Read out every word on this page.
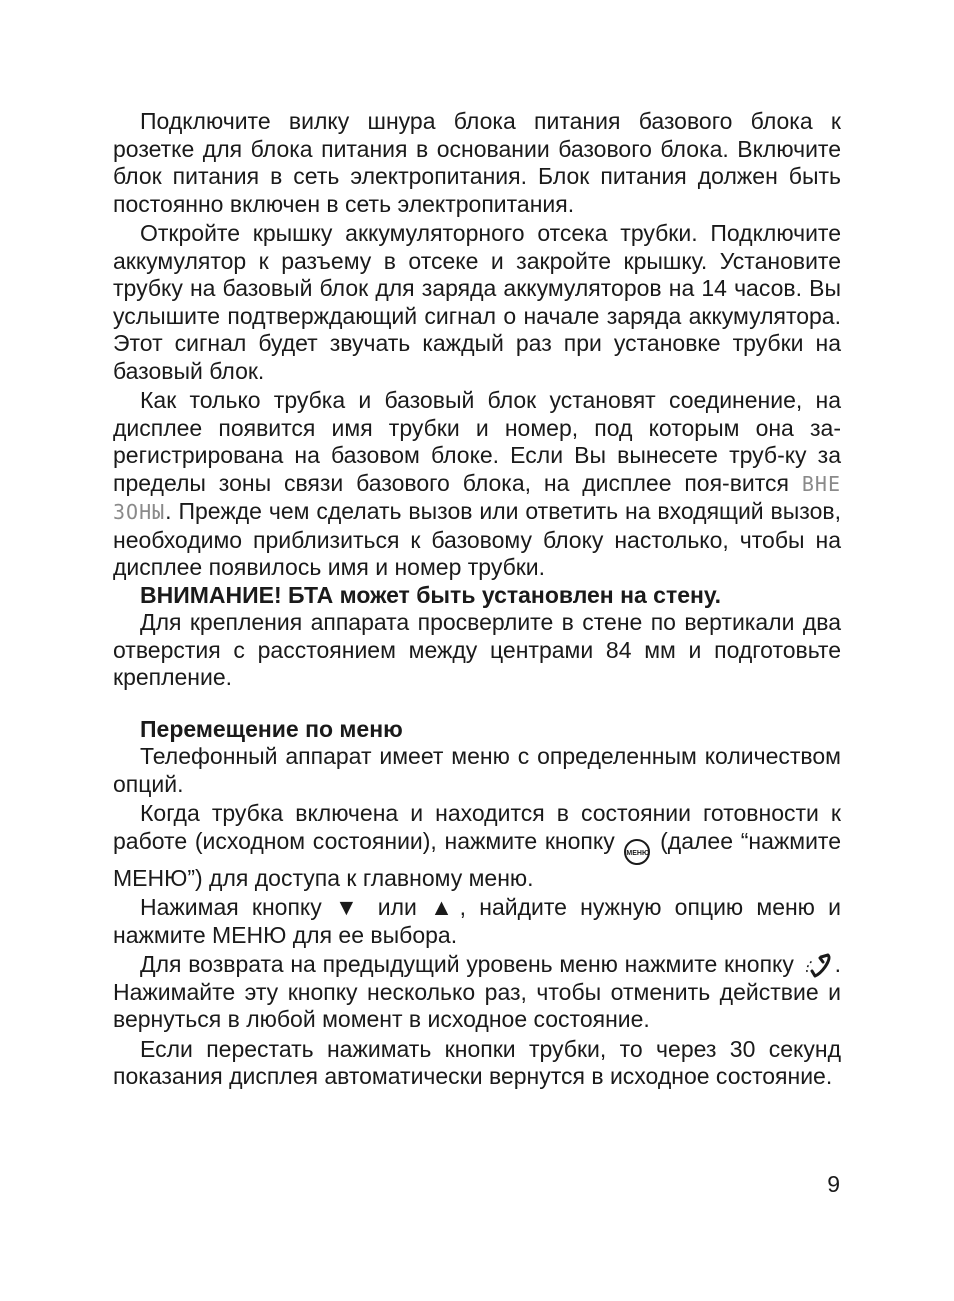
Подключите вилку шнура блока питания базового блока к розетке для блока питания в основании базового блока. Включите блок питания в сеть электропитания. Блок питания должен быть постоянно включен в сеть электропитания.

Откройте крышку аккумуляторного отсека трубки. Подключите аккумулятор к разъему в отсеке и закройте крышку. Установите трубку на базовый блок для заряда аккумуляторов на 14 часов. Вы услышите подтверждающий сигнал о начале заряда аккумулятора. Этот сигнал будет звучать каждый раз при установке трубки на базовый блок.

Как только трубка и базовый блок установят соединение, на дисплее появится имя трубки и номер, под которым она за-регистрирована на базовом блоке. Если Вы вынесете труб-ку за пределы зоны связи базового блока, на дисплее поя-вится ВНЕ ЗОНЫ. Прежде чем сделать вызов или ответить на входящий вызов, необходимо приблизиться к базовому блоку настолько, чтобы на дисплее появилось имя и номер трубки.

ВНИМАНИЕ! БТА может быть установлен на стену.

Для крепления аппарата просверлите в стене по вертикали два отверстия с расстоянием между центрами 84 мм и подготовьте крепление.

Перемещение по меню

Телефонный аппарат имеет меню с определенным количеством опций.

Когда трубка включена и находится в состоянии готовности к работе (исходном состоянии), нажмите кнопку МЕНЮ (далее “нажмите МЕНЮ”) для доступа к главному меню.

Нажимая кнопку ▼ или ▲, найдите нужную опцию меню и нажмите МЕНЮ для ее выбора.

Для возврата на предыдущий уровень меню нажмите кнопку . Нажимайте эту кнопку несколько раз, чтобы отменить действие и вернуться в любой момент в исходное состояние.

Если перестать нажимать кнопки трубки, то через 30 секунд показания дисплея автоматически вернутся в исходное состояние.

9
